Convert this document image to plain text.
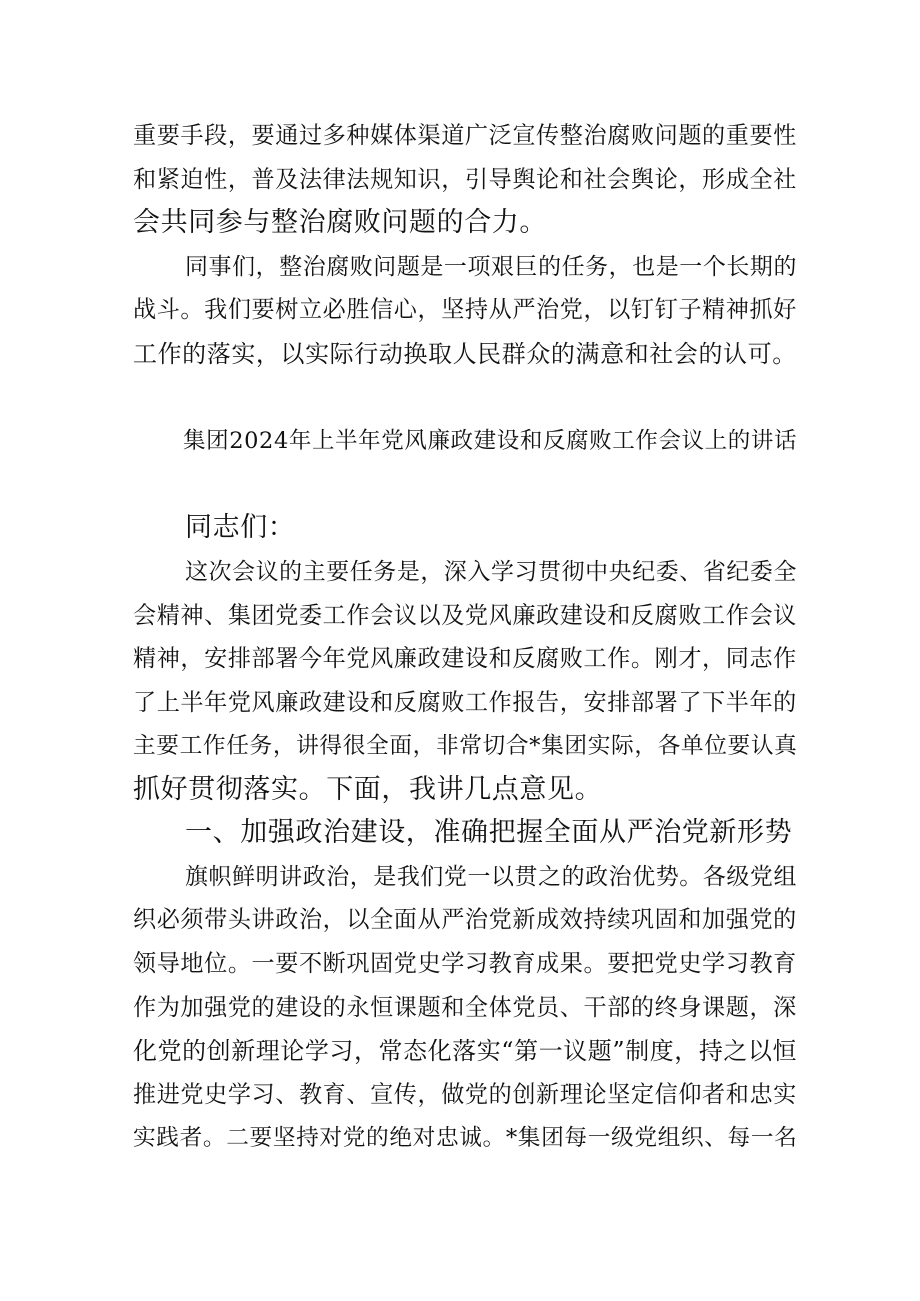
重要手段，要通过多种媒体渠道广泛宣传整治腐败问题的重要性
和紧迫性，普及法律法规知识，引导舆论和社会舆论，形成全社
会共同参与整治腐败问题的合力。
同事们，整治腐败问题是一项艰巨的任务，也是一个长期的
战斗。我们要树立必胜信心，坚持从严治党，以钉钉子精神抓好
工作的落实，以实际行动换取人民群众的满意和社会的认可。
集团2024年上半年党风廉政建设和反腐败工作会议上的讲话
同志们：
这次会议的主要任务是，深入学习贯彻中央纪委、省纪委全
会精神、集团党委工作会议以及党风廉政建设和反腐败工作会议
精神，安排部署今年党风廉政建设和反腐败工作。刚才，同志作
了上半年党风廉政建设和反腐败工作报告，安排部署了下半年的
主要工作任务，讲得很全面，非常切合*集团实际，各单位要认真
抓好贯彻落实。下面，我讲几点意见。
一、加强政治建设，准确把握全面从严治党新形势
旗帜鲜明讲政治，是我们党一以贯之的政治优势。各级党组
织必须带头讲政治，以全面从严治党新成效持续巩固和加强党的
领导地位。一要不断巩固党史学习教育成果。要把党史学习教育
作为加强党的建设的永恒课题和全体党员、干部的终身课题，深
化党的创新理论学习，常态化落实“第一议题”制度，持之以恒
推进党史学习、教育、宣传，做党的创新理论坚定信仰者和忠实
实践者。二要坚持对党的绝对忠诚。*集团每一级党组织、每一名
